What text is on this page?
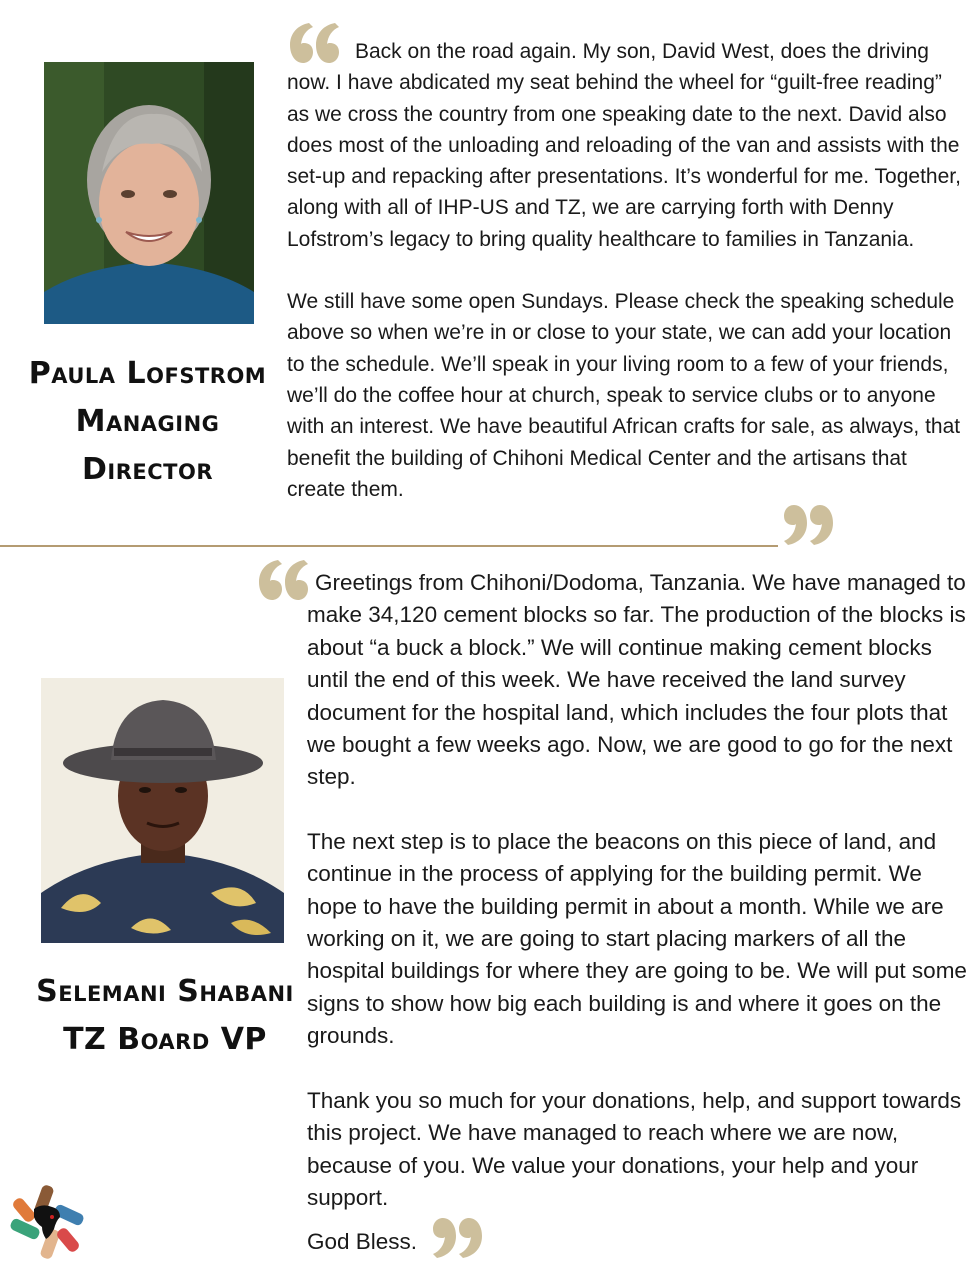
Paula Lofstrom
Managing Director

Back on the road again. My son, David West, does the driving now. I have abdicated my seat behind the wheel for “guilt-free reading” as we cross the country from one speaking date to the next. David also does most of the unloading and reloading of the van and assists with the set-up and repacking after presentations. It’s wonderful for me. Together, along with all of IHP-US and TZ, we are carrying forth with Denny Lofstrom’s legacy to bring quality healthcare to families in Tanzania.

We still have some open Sundays. Please check the speaking schedule above so when we’re in or close to your state, we can add your location to the schedule. We’ll speak in your living room to a few of your friends, we’ll do the coffee hour at church, speak to service clubs or to anyone with an interest. We have beautiful African crafts for sale, as always, that benefit the building of Chihoni Medical Center and the artisans that create them.

Selemani Shabani
TZ Board VP

Greetings from Chihoni/Dodoma, Tanzania. We have managed to make 34,120 cement blocks so far. The production of the blocks is about “a buck a block.” We will continue making cement blocks until the end of this week. We have received the land survey document for the hospital land, which includes the four plots that we bought a few weeks ago. Now, we are good to go for the next step.

The next step is to place the beacons on this piece of land, and continue in the process of applying for the building permit. We hope to have the building permit in about a month. While we are working on it, we are going to start placing markers of all the hospital buildings for where they are going to be. We will put some signs to show how big each building is and where it goes on the grounds.

Thank you so much for your donations, help, and support towards this project. We have managed to reach where we are now, because of you. We value your donations, your help and your support.

God Bless.
